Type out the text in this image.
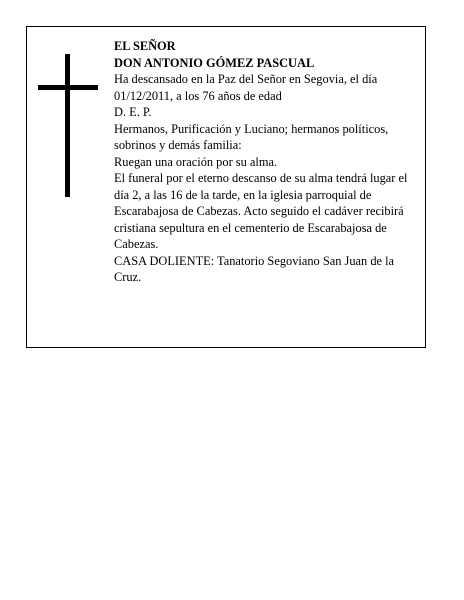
EL SEÑOR

DON ANTONIO GÓMEZ PASCUAL

Ha descansado en la Paz del Señor en Segovia, el día 01/12/2011, a los 76 años de edad

D. E. P.

Hermanos, Purificación y Luciano; hermanos políticos, sobrinos y demás familia:

Ruegan una oración por su alma.

El funeral por el eterno descanso de su alma tendrá lugar el día 2, a las 16 de la tarde, en la iglesia parroquial de Escarabajosa de Cabezas. Acto seguido el cadáver recibirá cristiana sepultura en el cementerio de Escarabajosa de Cabezas.

CASA DOLIENTE: Tanatorio Segoviano San Juan de la Cruz.
